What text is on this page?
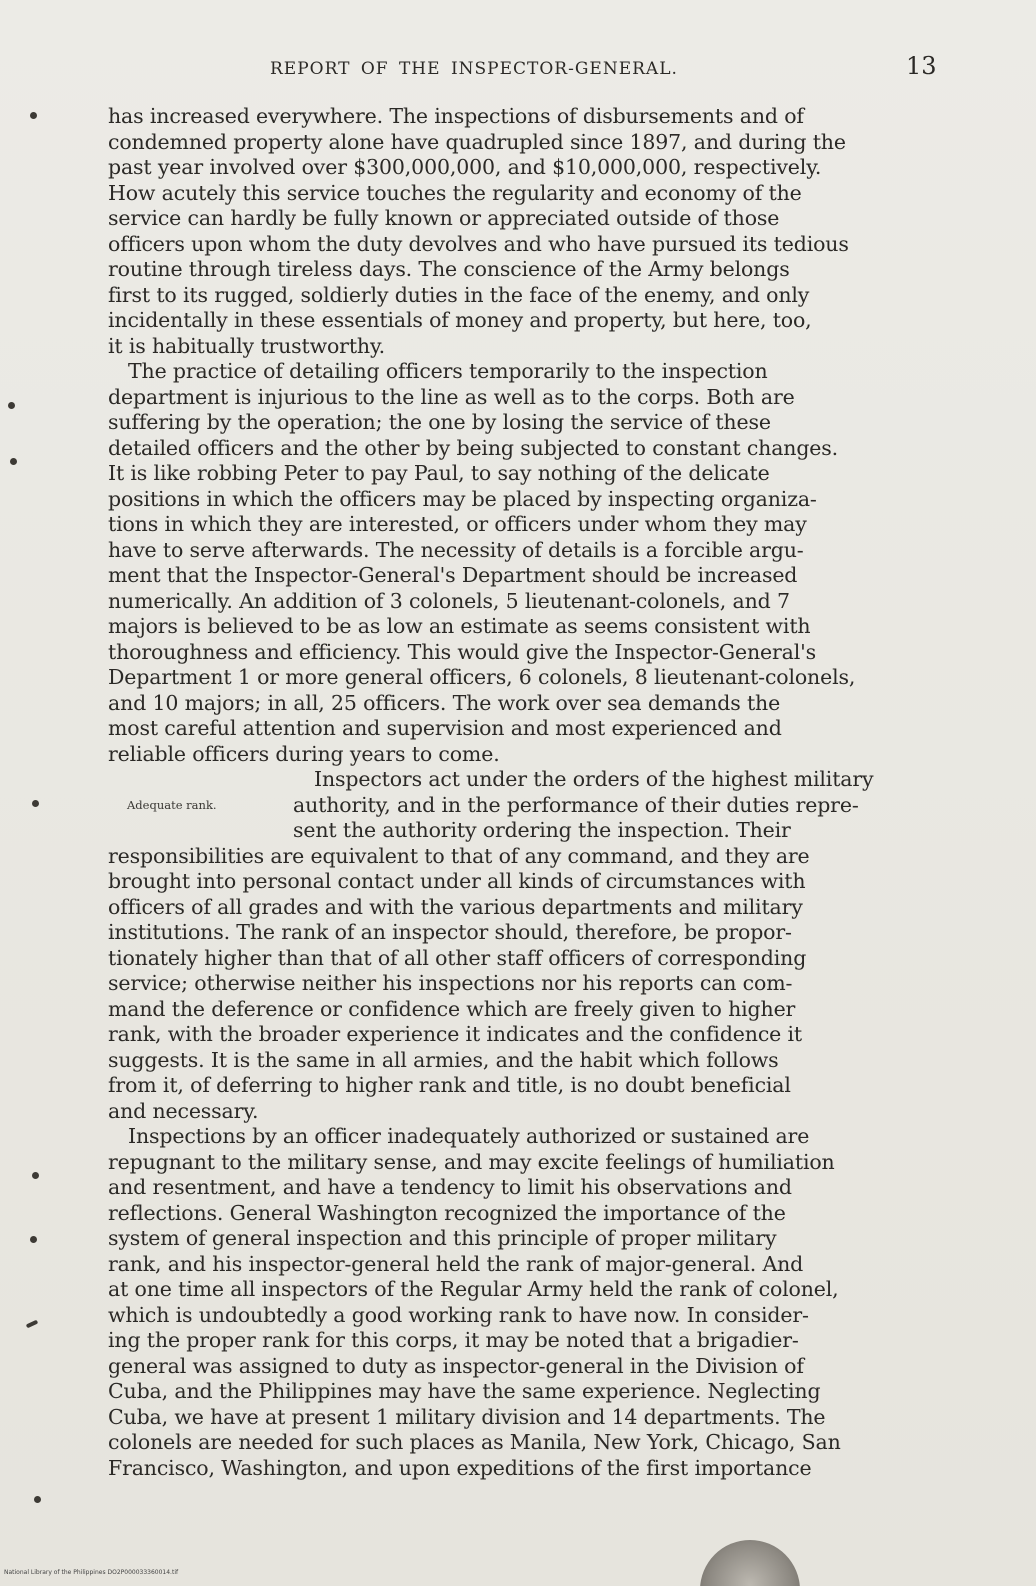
REPORT OF THE INSPECTOR-GENERAL.	13
Adequate rank.
has increased everywhere. The inspections of disbursements and of
condemned property alone have quadrupled since 1897, and during the
past year involved over $300,000,000, and $10,000,000, respectively.
How acutely this service touches the regularity and economy of the
service can hardly be fully known or appreciated outside of those
officers upon whom the duty devolves and who have pursued its tedious
routine through tireless days. The conscience of the Army belongs
first to its rugged, soldierly duties in the face of the enemy, and only
incidentally in these essentials of money and property, but here, too,
it is habitually trustworthy.
The practice of detailing officers temporarily to the inspection
department is injurious to the line as well as to the corps. Both are
suffering by the operation; the one by losing the service of these
detailed officers and the other by being subjected to constant changes.
It is like robbing Peter to pay Paul, to say nothing of the delicate
positions in which the officers may be placed by inspecting organiza-
tions in which they are interested, or officers under whom they may
have to serve afterwards. The necessity of details is a forcible argu-
ment that the Inspector-General's Department should be increased
numerically. An addition of 3 colonels, 5 lieutenant-colonels, and 7
majors is believed to be as low an estimate as seems consistent with
thoroughness and efficiency. This would give the Inspector-General's
Department 1 or more general officers, 6 colonels, 8 lieutenant-colonels,
and 10 majors; in all, 25 officers. The work over sea demands the
most careful attention and supervision and most experienced and
reliable officers during years to come.
Inspectors act under the orders of the highest military
authority, and in the performance of their duties repre-
sent the authority ordering the inspection. Their
responsibilities are equivalent to that of any command, and they are
brought into personal contact under all kinds of circumstances with
officers of all grades and with the various departments and military
institutions. The rank of an inspector should, therefore, be propor-
tionately higher than that of all other staff officers of corresponding
service; otherwise neither his inspections nor his reports can com-
mand the deference or confidence which are freely given to higher
rank, with the broader experience it indicates and the confidence it
suggests. It is the same in all armies, and the habit which follows
from it, of deferring to higher rank and title, is no doubt beneficial
and necessary.
Inspections by an officer inadequately authorized or sustained are
repugnant to the military sense, and may excite feelings of humiliation
and resentment, and have a tendency to limit his observations and
reflections. General Washington recognized the importance of the
system of general inspection and this principle of proper military
rank, and his inspector-general held the rank of major-general. And
at one time all inspectors of the Regular Army held the rank of colonel,
which is undoubtedly a good working rank to have now. In consider-
ing the proper rank for this corps, it may be noted that a brigadier-
general was assigned to duty as inspector-general in the Division of
Cuba, and the Philippines may have the same experience. Neglecting
Cuba, we have at present 1 military division and 14 departments. The
colonels are needed for such places as Manila, New York, Chicago, San
Francisco, Washington, and upon expeditions of the first importance
National Library of the Philippines DO2P000033360014.tif
